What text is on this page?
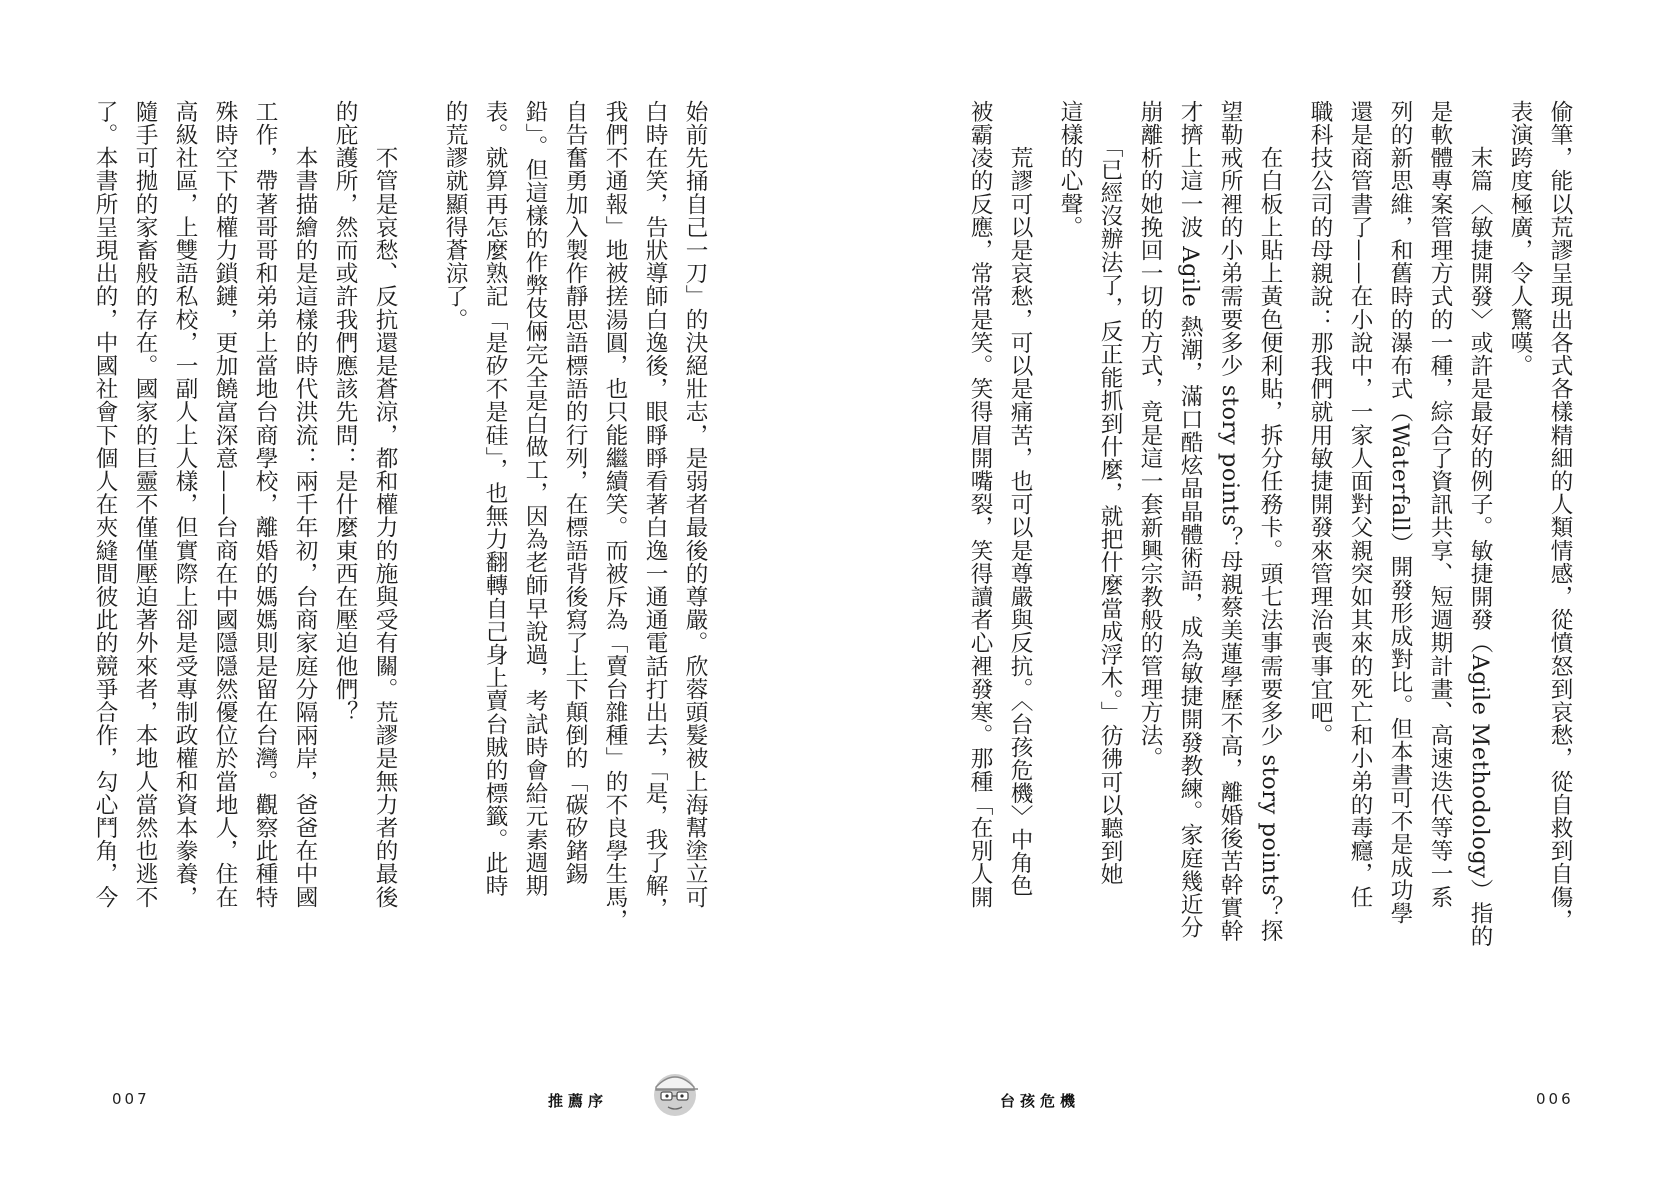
始前先捅自己一刀」的決絕壯志，是弱者最後的尊嚴。欣蓉頭髮被上海幫塗立可
白時在笑，告狀導師白逸後，眼睜睜看著白逸一通通電話打出去，「是，我了解，
我們不通報」地被搓湯圓，也只能繼續笑。而被斥為「賣台雜種」的不良學生馬，
自告奮勇加入製作靜思語標語的行列，在標語背後寫了上下顛倒的「碳矽鍺錫
鉛」。但這樣的作弊伎倆完全是白做工，因為老師早說過，考試時會給元素週期
表。就算再怎麼熟記「是矽不是硅」，也無力翻轉自己身上賣台賊的標籤。此時
的荒謬就顯得蒼涼了。
　　不管是哀愁、反抗還是蒼涼，都和權力的施與受有關。荒謬是無力者的最後
的庇護所，然而或許我們應該先問：是什麼東西在壓迫他們？
　　本書描繪的是這樣的時代洪流：兩千年初，台商家庭分隔兩岸，爸爸在中國
工作，帶著哥哥和弟弟上當地台商學校，離婚的媽媽則是留在台灣。觀察此種特
殊時空下的權力鎖鏈，更加饒富深意——台商在中國隱隱然優位於當地人，住在
高級社區，上雙語私校，一副人上人樣，但實際上卻是受專制政權和資本豢養，
隨手可拋的家畜般的存在。國家的巨靈不僅僅壓迫著外來者，本地人當然也逃不
了。本書所呈現出的，中國社會下個人在夾縫間彼此的競爭合作，勾心鬥角，今	偷筆，能以荒謬呈現出各式各樣精細的人類情感，從憤怒到哀愁，從自救到自傷，
表演跨度極廣，令人驚嘆。
　　末篇〈敏捷開發〉或許是最好的例子。敏捷開發（Agile Methodology）指的
是軟體專案管理方式的一種，綜合了資訊共享、短週期計畫、高速迭代等等一系
列的新思維，和舊時的瀑布式（Waterfall）開發形成對比。但本書可不是成功學
還是商管書了——在小說中，一家人面對父親突如其來的死亡和小弟的毒癮，任
職科技公司的母親說：那我們就用敏捷開發來管理治喪事宜吧。
　　在白板上貼上黃色便利貼，拆分任務卡。頭七法事需要多少 story points？探
望勒戒所裡的小弟需要多少 story points？母親蔡美蓮學歷不高，離婚後苦幹實幹
才擠上這一波 Agile 熱潮，滿口酷炫晶晶體術語，成為敏捷開發教練。家庭幾近分
崩離析的她挽回一切的方式，竟是這一套新興宗教般的管理方法。
　　「已經沒辦法了，反正能抓到什麼，就把什麼當成浮木。」彷彿可以聽到她
這樣的心聲。
　　荒謬可以是哀愁，可以是痛苦，也可以是尊嚴與反抗。〈台孩危機〉中角色
被霸凌的反應，常常是笑。笑得眉開嘴裂，笑得讀者心裡發寒。那種「在別人開
007	推薦序	台孩危機	006
